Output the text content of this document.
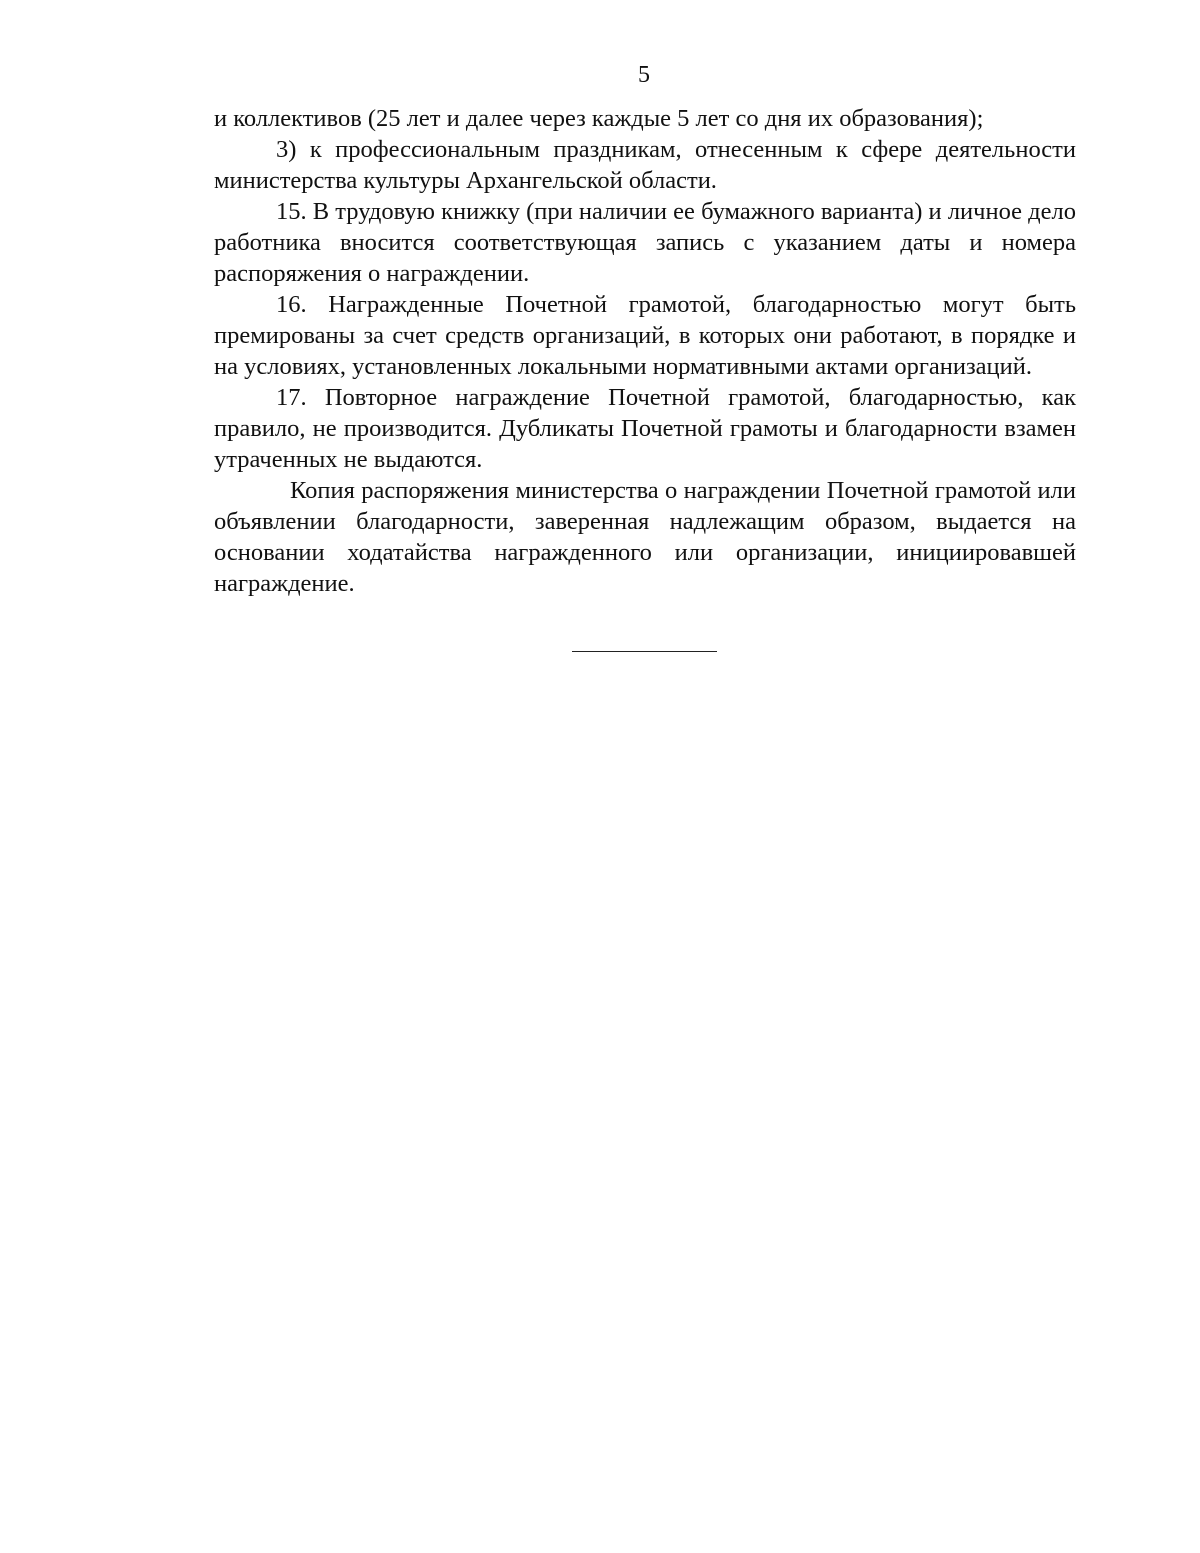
5

и коллективов (25 лет и далее через каждые 5 лет со дня их образования);

3) к профессиональным праздникам, отнесенным к сфере деятельности министерства культуры Архангельской области.

15. В трудовую книжку (при наличии ее бумажного варианта) и личное дело работника вносится соответствующая запись с указанием даты и номера распоряжения о награждении.

16. Награжденные Почетной грамотой, благодарностью могут быть премированы за счет средств организаций, в которых они работают, в порядке и на условиях, установленных локальными нормативными актами организаций.

17. Повторное награждение Почетной грамотой, благодарностью, как правило, не производится. Дубликаты Почетной грамоты и благодарности взамен утраченных не выдаются.

Копия распоряжения министерства о награждении Почетной грамотой или объявлении благодарности, заверенная надлежащим образом, выдается на основании ходатайства награжденного или организации, инициировавшей награждение.
